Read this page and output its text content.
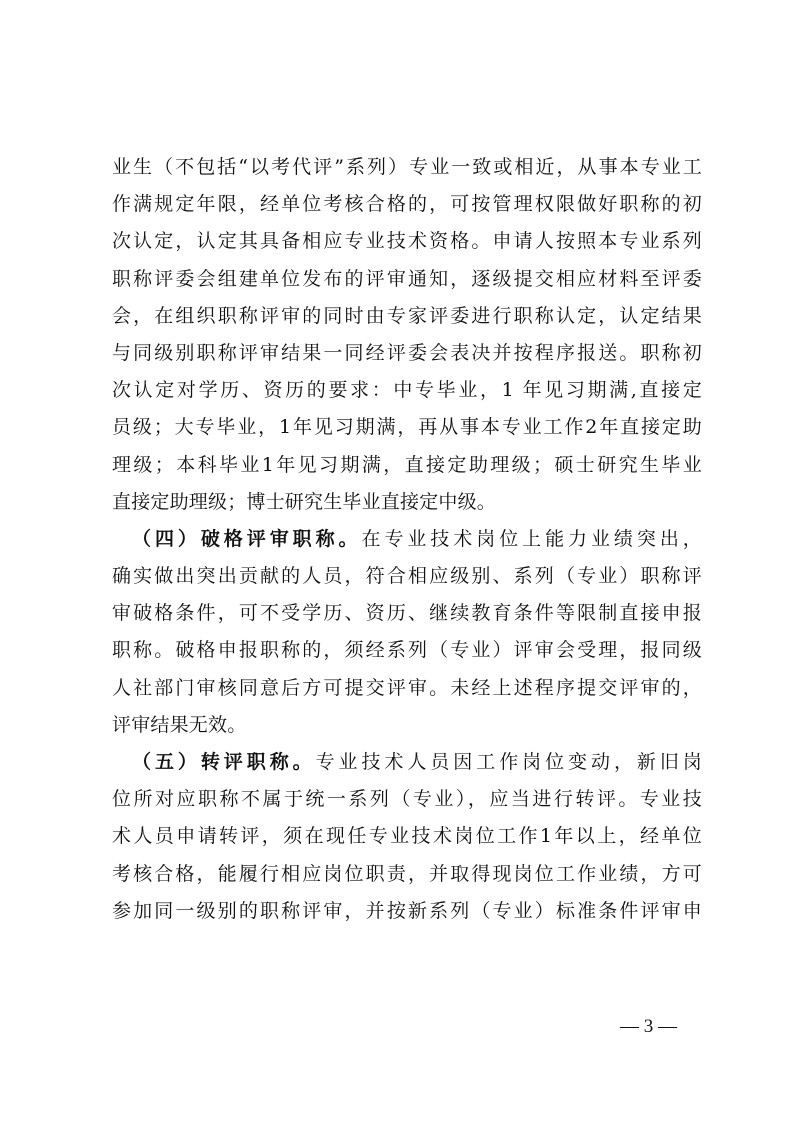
业生（不包括“以考代评”系列）专业一致或相近，从事本专业工
作满规定年限，经单位考核合格的，可按管理权限做好职称的初
次认定，认定其具备相应专业技术资格。申请人按照本专业系列
职称评委会组建单位发布的评审通知，逐级提交相应材料至评委
会，在组织职称评审的同时由专家评委进行职称认定，认定结果
与同级别职称评审结果一同经评委会表决并按程序报送。职称初
次认定对学历、资历的要求：中专毕业，1 年见习期满,直接定
员级；大专毕业，1年见习期满，再从事本专业工作2年直接定助
理级；本科毕业1年见习期满，直接定助理级；硕士研究生毕业
直接定助理级；博士研究生毕业直接定中级。
（四）破格评审职称。在专业技术岗位上能力业绩突出，
确实做出突出贡献的人员，符合相应级别、系列（专业）职称评
审破格条件，可不受学历、资历、继续教育条件等限制直接申报
职称。破格申报职称的，须经系列（专业）评审会受理，报同级
人社部门审核同意后方可提交评审。未经上述程序提交评审的，
评审结果无效。
（五）转评职称。专业技术人员因工作岗位变动，新旧岗
位所对应职称不属于统一系列（专业），应当进行转评。专业技
术人员申请转评，须在现任专业技术岗位工作1年以上，经单位
考核合格，能履行相应岗位职责，并取得现岗位工作业绩，方可
参加同一级别的职称评审，并按新系列（专业）标准条件评审申
— 3 —
